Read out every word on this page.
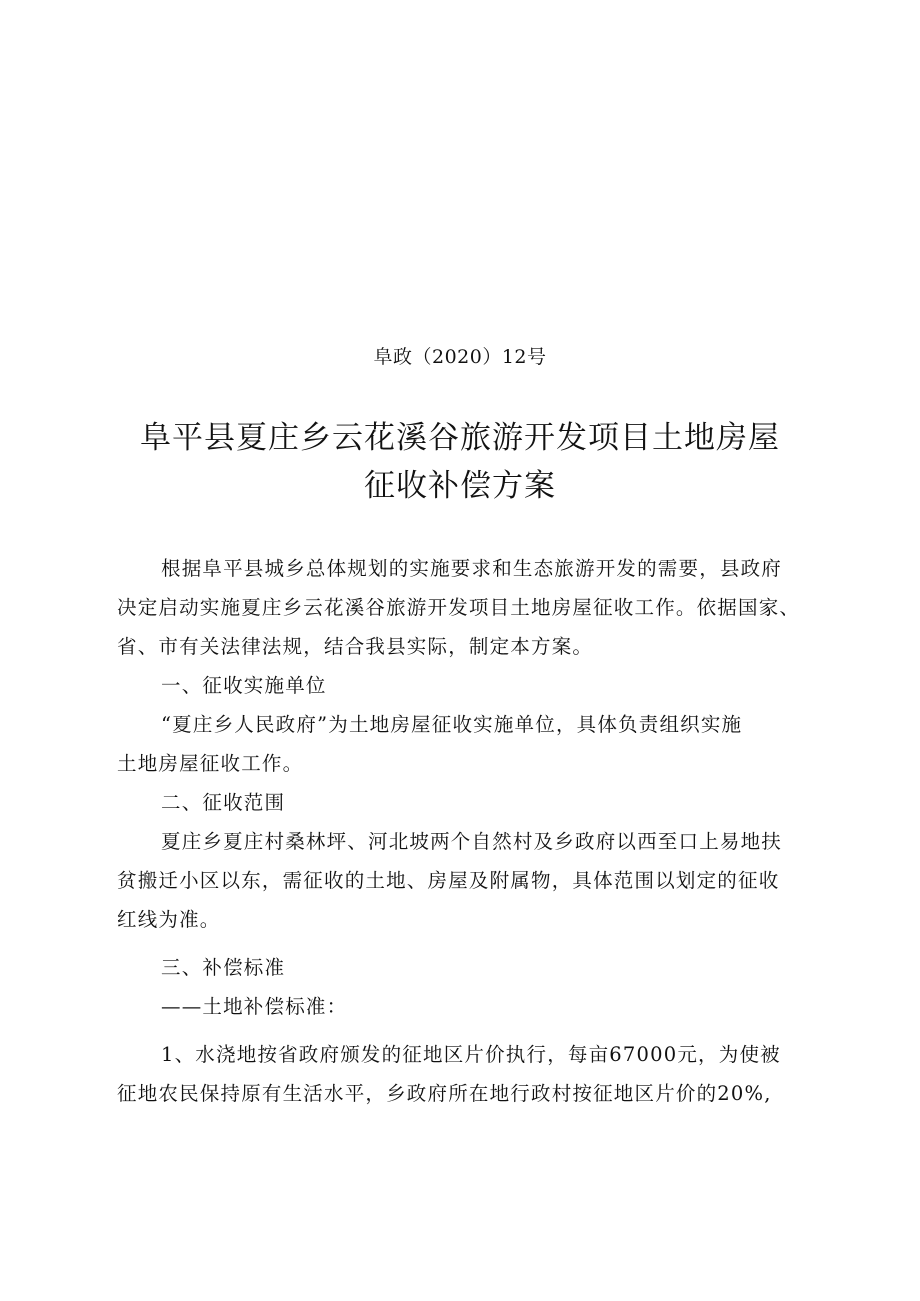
阜政（2020）12号
阜平县夏庄乡云花溪谷旅游开发项目土地房屋
征收补偿方案
根据阜平县城乡总体规划的实施要求和生态旅游开发的需要，县政府
决定启动实施夏庄乡云花溪谷旅游开发项目土地房屋征收工作。依据国家、
省、市有关法律法规，结合我县实际，制定本方案。
一、征收实施单位
“夏庄乡人民政府”为土地房屋征收实施单位，具体负责组织实施
土地房屋征收工作。
二、征收范围
夏庄乡夏庄村桑林坪、河北坡两个自然村及乡政府以西至口上易地扶
贫搬迁小区以东，需征收的土地、房屋及附属物，具体范围以划定的征收
红线为准。
三、补偿标准
——土地补偿标准：
1、水浇地按省政府颁发的征地区片价执行，每亩67000元，为使被
征地农民保持原有生活水平，乡政府所在地行政村按征地区片价的20%,
